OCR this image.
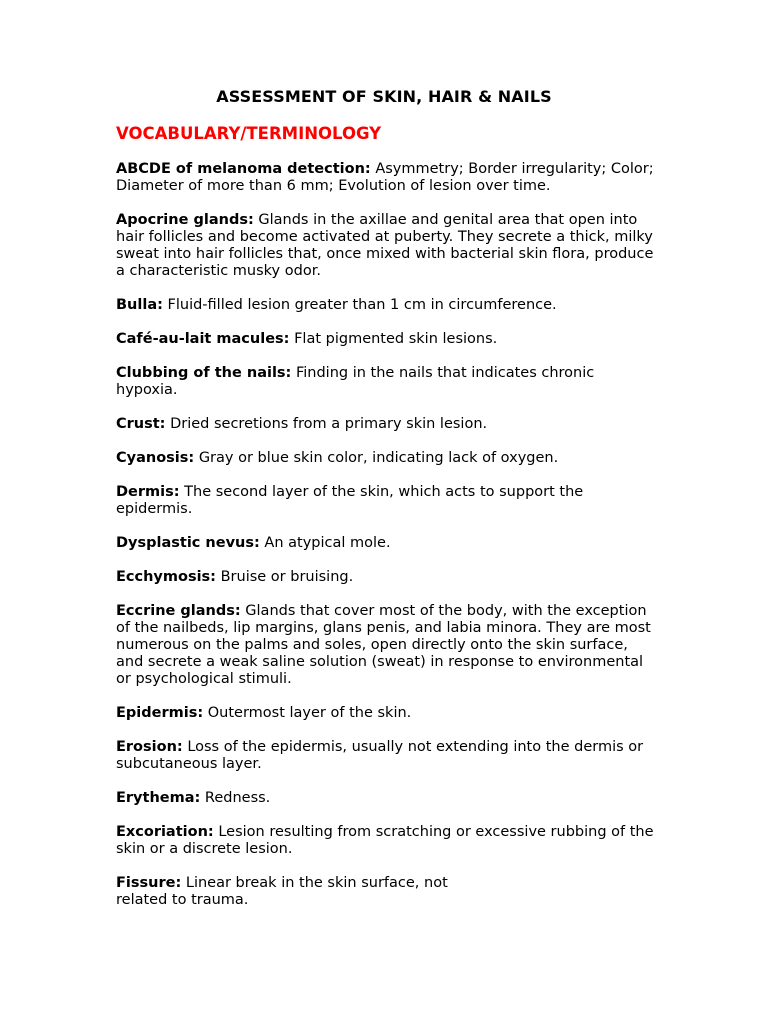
ASSESSMENT OF SKIN, HAIR & NAILS
VOCABULARY/TERMINOLOGY

ABCDE of melanoma detection: Asymmetry; Border irregularity; Color; Diameter of more than 6 mm; Evolution of lesion over time.

Apocrine glands: Glands in the axillae and genital area that open into hair follicles and become activated at puberty. They secrete a thick, milky sweat into hair follicles that, once mixed with bacterial skin flora, produce a characteristic musky odor.

Bulla: Fluid-filled lesion greater than 1 cm in circumference.

Café-au-lait macules: Flat pigmented skin lesions.

Clubbing of the nails: Finding in the nails that indicates chronic hypoxia.

Crust: Dried secretions from a primary skin lesion.

Cyanosis: Gray or blue skin color, indicating lack of oxygen.

Dermis: The second layer of the skin, which acts to support the epidermis.

Dysplastic nevus: An atypical mole.

Ecchymosis: Bruise or bruising.

Eccrine glands: Glands that cover most of the body, with the exception of the nailbeds, lip margins, glans penis, and labia minora. They are most numerous on the palms and soles, open directly onto the skin surface, and secrete a weak saline solution (sweat) in response to environmental or psychological stimuli.

Epidermis: Outermost layer of the skin.

Erosion: Loss of the epidermis, usually not extending into the dermis or subcutaneous layer.

Erythema: Redness.

Excoriation: Lesion resulting from scratching or excessive rubbing of the skin or a discrete lesion.

Fissure: Linear break in the skin surface, not related to trauma.
